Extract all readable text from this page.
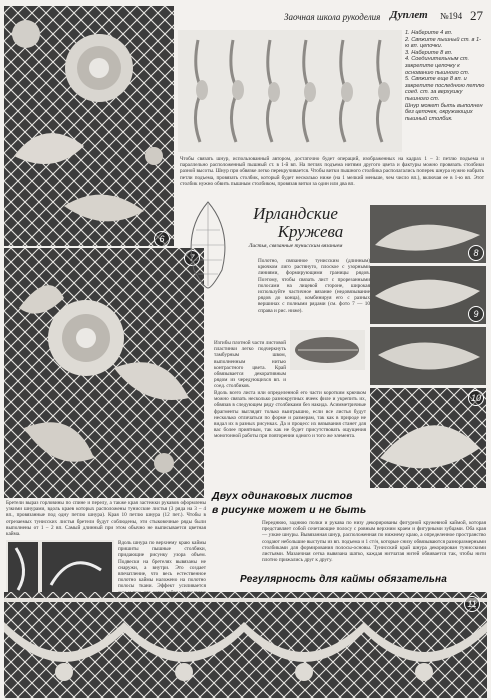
Заочная школа рукоделия Дуплет №194 27
6
7
1. Наберите 4 вп.
2. Свяжите пышный ст. в 1-ю вп. цепочки.
3. Наберите 8 вп.
4. Соединительным ст. закрепите цепочку к основанию пышного ст.
5. Свяжите еще 8 вп. и закрепите последнюю петлю соед. ст. за верхушку пышного ст.
Шнур может быть выполнен без цепочек, окружающих пышный столбик.
Чтобы связать шнур, использованный автором, достаточно будет операций, изображенных на кадрах 1 – 3: петлю подъема и параллельно расположенный пышный ст. в 1-й вп. На петлях подъема нитями другого цвета и фактуры можно провязать столбики разной высоты. Шнур при обвязке легко перекручивается. Чтобы витки пышного столбика располагались поперек шнура нужно набрать петли подъема, провязать столбик, который будет несколько ниже (на 1 мелкий меньше, чем число вп.), включая ее в 1-ю вп. Этот столбик нужно обвить пышным столбиком, провязав витки за один или два вп.
Ирландские
Кружева
Листья, связанные тунисским вязанием
Полотно, связанное тунисским (длинным) крючком лиго растянуто, плоское с узорными линиями, формирующими границы рядов. Поэтому, чтобы связать лист с прорезанными полосами на лицевой стороне, широкая используйте частичное вязание (недовязывание рядов до конца), комбинируя его с разных вершинах с полными рядами (см. фото 7 — 10 справа и рис. ниже).
Изгибы плотной части листовой пластинки легко подчеркнуть тамбурным швом, выполненным нитью контрастного цвета. Край обвязывается декоративным рядом из чередующихся вп. и соед. столбиков.
Вдоль всего листа или определенной его части коротким крючком можно связать несколько разнокрупных ячеек филе и укрепить их, обвязав в следующем ряду столбиками без накида. Асимметричные фрагменты выглядят только выигрышно, если все листья будут несколько отличаться по форме и размерам, так как в природе не видал их в разных рисунках. Да и процесс их вязывания станет для вас более приятным, так как не будет присутствовать ощущения монотонной работы при повторении одного и того же элемента.
8
9
10
Двух одинаковых листов
в рисунке может и не быть
Бретели выраз горловины по спине и перелу, а также края застежки рукавов оформлены узкими шнурами, вдоль краев которых расположены тунисские листья (3 ряда на 3 – 4 вп., провязанные под одну петлю шнура). Края 10 петлю шнура (12 пет.). Чтобы в отрезаемых тунисских листья бретели будут соблюдены, эти стыковочные ряды были выполнены от 1 – 2 вп. Самый длинный при этом обычно не выписывается цветная кайма.
Вдоль шнура по верхнему краю каймы пришиты пышные столбики, придающие рисунку узора объем. Подвески на бретелях вывязаны не снаружи, а внутри. Это создает впечатление, что весь естественное полотно каймы наложено на полотно полосы ткани. Эффект усиливается
Переднюю, заднюю полки и рукава по низу декорированы фигурной кружевной каймой, которая представляет собой сочетающие полосу с ровным верхним краем и фигурными зубцами. Оба края — узкие шнуры. Вывязанная шнур, расположенная по нижнему краю, а определенное пространство создают небольшие выступы из вп. подъема и 1 ст/н, которые снизу обвязываются разноразмерными столбиками для формирования полосы-основы. Тунисский край шнура декорирован тунисскими листьями. Мазаичная сетка вывязана шатко, каждая нитчатая нитей обвивается так, чтобы нити плотно прижались друг к другу.
Регулярность для каймы обязательна
11
